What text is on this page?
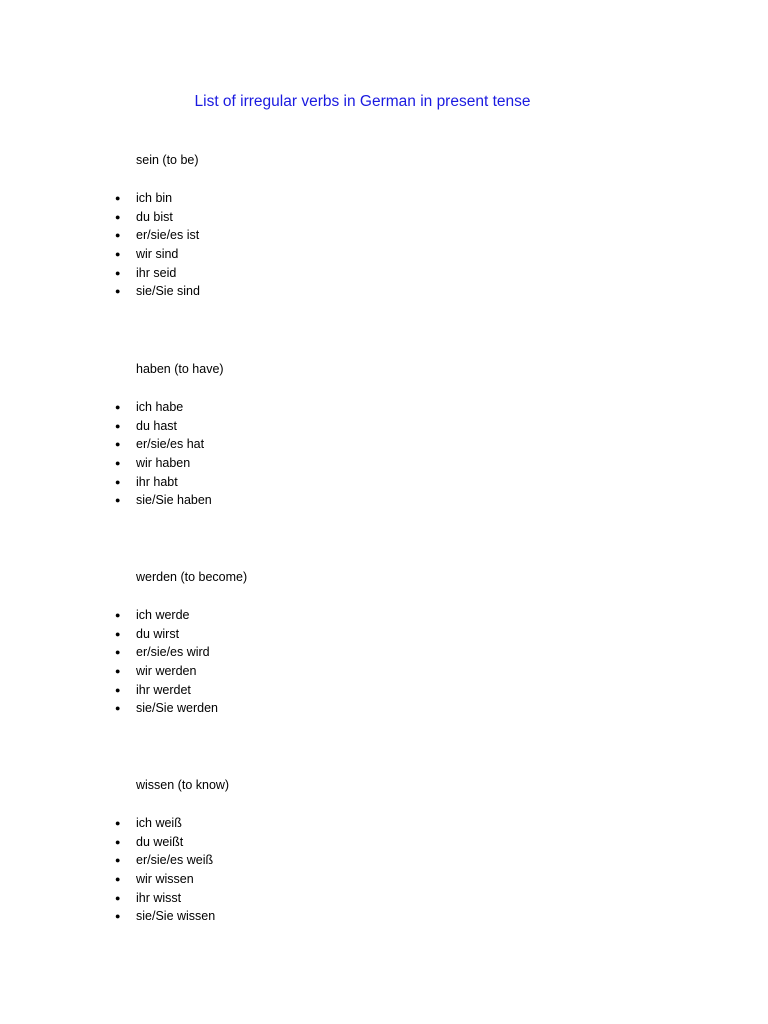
List of irregular verbs in German in present tense
sein (to be)
● ich bin
● du bist
● er/sie/es ist
● wir sind
● ihr seid
● sie/Sie sind
haben (to have)
● ich habe
● du hast
● er/sie/es hat
● wir haben
● ihr habt
● sie/Sie haben
werden (to become)
● ich werde
● du wirst
● er/sie/es wird
● wir werden
● ihr werdet
● sie/Sie werden
wissen (to know)
● ich weiß
● du weißt
● er/sie/es weiß
● wir wissen
● ihr wisst
● sie/Sie wissen
